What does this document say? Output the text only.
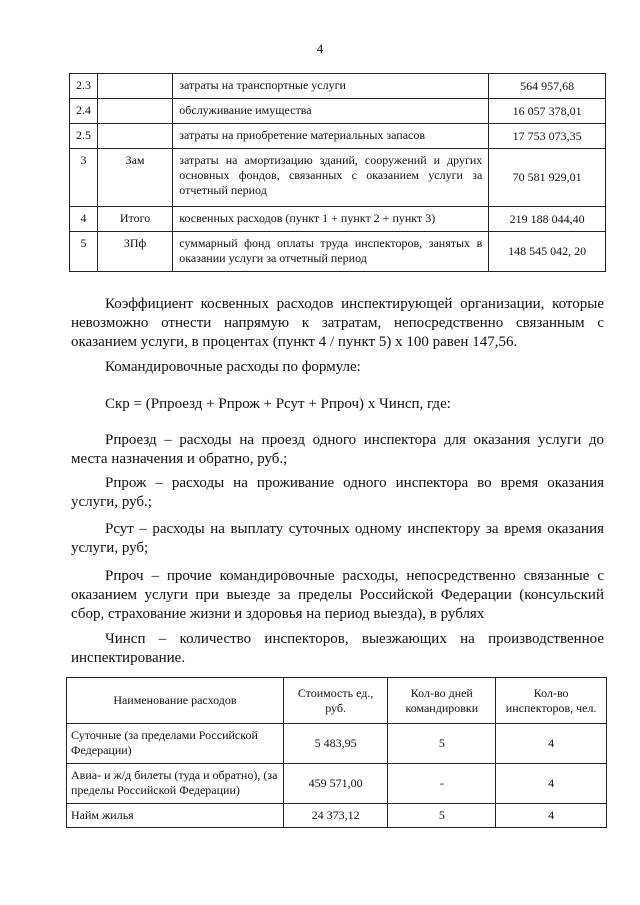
4
2.3		затраты на транспортные услуги	564 957,68
2.4		обслуживание имущества	16 057 378,01
2.5		затраты на приобретение материальных запасов	17 753 073,35
3	Зам	затраты на амортизацию зданий, сооружений и других основных фондов, связанных с оказанием услуги за отчетный период	70 581 929,01
4	Итого	косвенных расходов (пункт 1 + пункт 2 + пункт 3)	219 188 044,40
5	ЗПф	суммарный фонд оплаты труда инспекторов, занятых в оказании услуги за отчетный период	148 545 042, 20
Коэффициент косвенных расходов инспектирующей организации, которые невозможно отнести напрямую к затратам, непосредственно связанным с оказанием услуги, в процентах (пункт 4 / пункт 5) х 100 равен 147,56.
Командировочные расходы по формуле:
Скр = (Рпроезд + Рпрож + Рсут + Рпроч) х Чинсп, где:
Рпроезд – расходы на проезд одного инспектора для оказания услуги до места назначения и обратно, руб.;
Рпрож – расходы на проживание одного инспектора во время оказания услуги, руб.;
Рсут – расходы на выплату суточных одному инспектору за время оказания услуги, руб;
Рпроч – прочие командировочные расходы, непосредственно связанные с оказанием услуги при выезде за пределы Российской Федерации (консульский сбор, страхование жизни и здоровья на период выезда), в рублях
Чинсп – количество инспекторов, выезжающих на производственное инспектирование.
Наименование расходов	Стоимость ед., руб.	Кол-во дней командировки	Кол-во инспекторов, чел.
Суточные (за пределами Российской Федерации)	5 483,95	5	4
Авиа- и ж/д билеты (туда и обратно), (за пределы Российской Федерации)	459 571,00	-	4
Найм жилья	24 373,12	5	4
